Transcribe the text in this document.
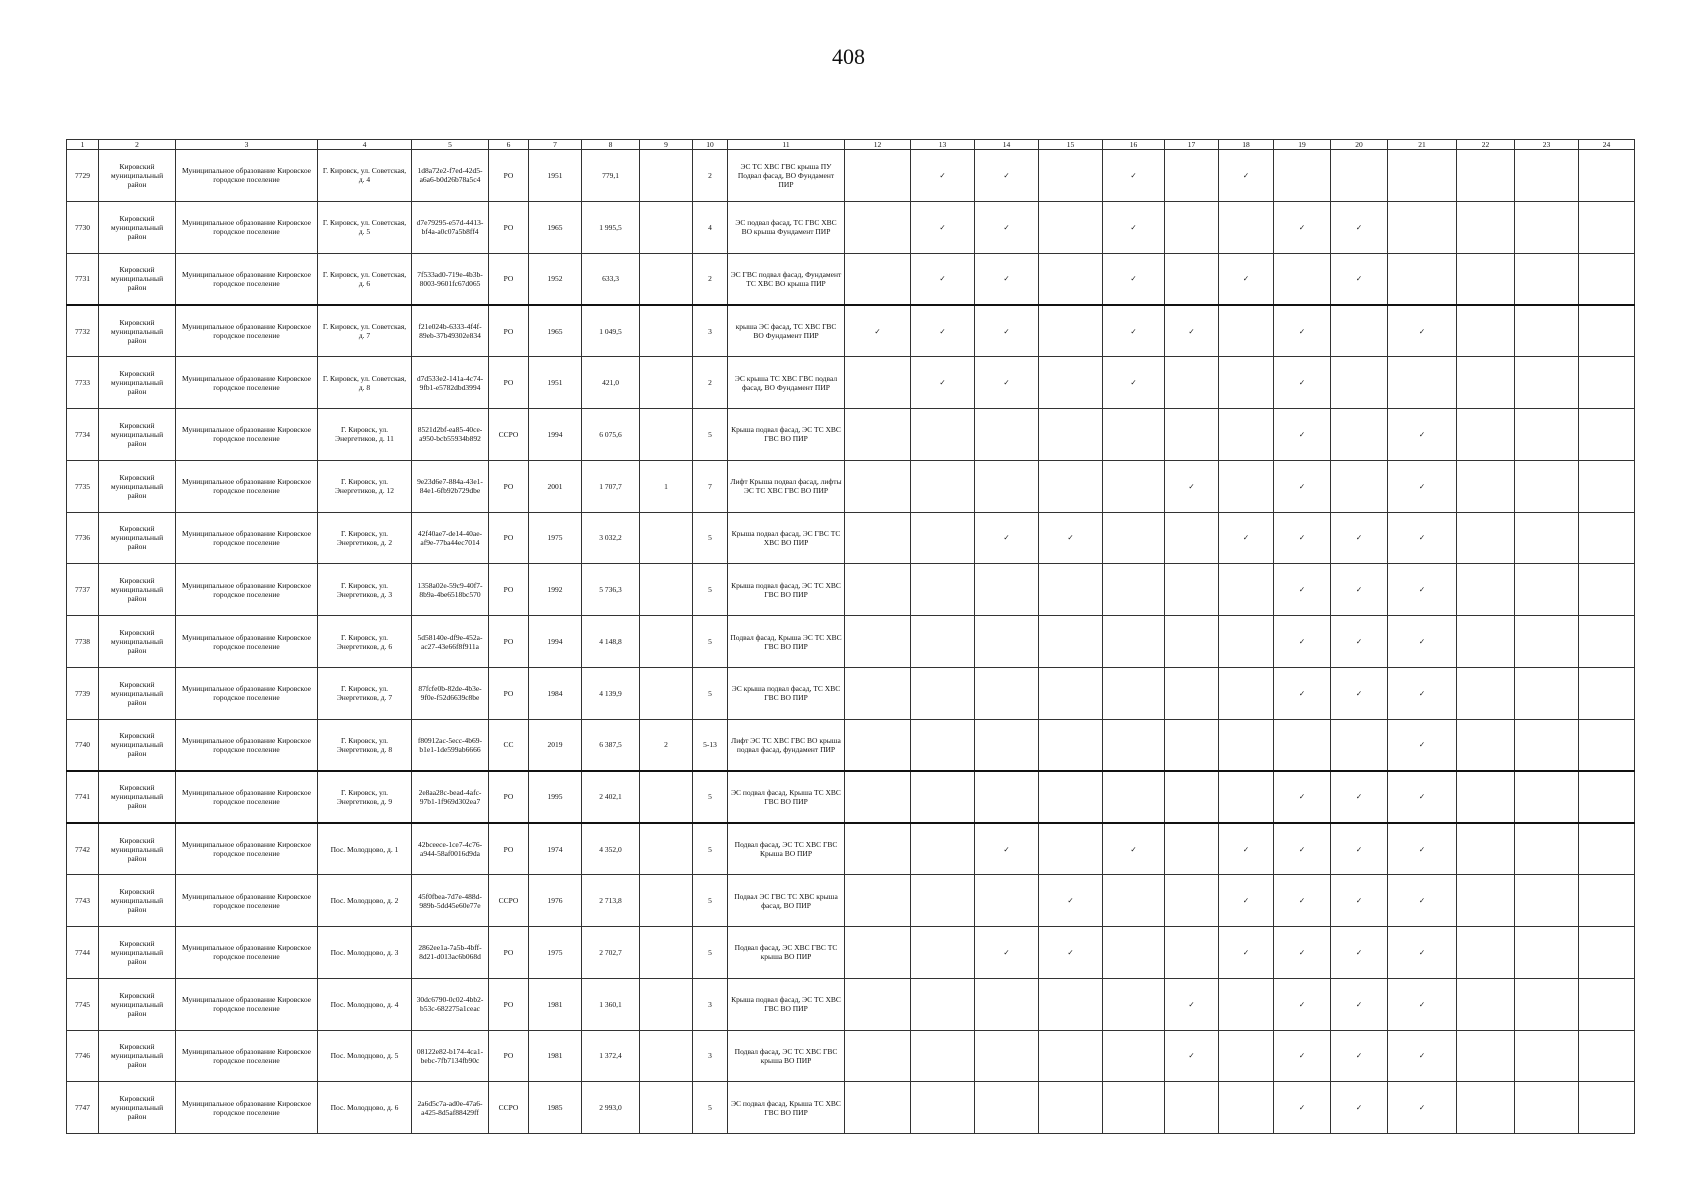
408
1	2	3	4	5	6	7	8	9	10	11	12	13	14	15	16	17	18	19	20	21	22	23	24
7729	Кировский муниципальный район	Муниципальное образование Кировское городское поселение	Г. Кировск, ул. Советская, д. 4	1d8a72e2-f7ed-42d5-a6a6-b0d26b78a5c4	РО	1951	779,1		2	ЭС ТС ХВС ГВС крыша ПУ Подвал фасад, ВО Фундамент ПИР		✓	✓		✓		✓						
7730	Кировский муниципальный район	Муниципальное образование Кировское городское поселение	Г. Кировск, ул. Советская, д. 5	d7e79295-e57d-4413-bf4a-a0c07a5b8ff4	РО	1965	1 995,5		4	ЭС подвал фасад, ТС ГВС ХВС ВО крыша Фундамент ПИР		✓	✓		✓			✓	✓				
7731	Кировский муниципальный район	Муниципальное образование Кировское городское поселение	Г. Кировск, ул. Советская, д. 6	7f533ad0-719e-4b3b-8003-9601fc67d065	РО	1952	633,3		2	ЭС ГВС подвал фасад, Фундамент ТС ХВС ВО крыша ПИР		✓	✓		✓		✓		✓				
7732	Кировский муниципальный район	Муниципальное образование Кировское городское поселение	Г. Кировск, ул. Советская, д. 7	f21e024b-6333-4f4f-89eb-37b49302e834	РО	1965	1 049,5		3	крыша ЭС фасад, ТС ХВС ГВС ВО Фундамент ПИР	✓	✓	✓		✓	✓		✓		✓			
7733	Кировский муниципальный район	Муниципальное образование Кировское городское поселение	Г. Кировск, ул. Советская, д. 8	d7d533e2-141a-4c74-9fb1-e5782dbd3994	РО	1951	421,0		2	ЭС крыша ТС ХВС ГВС подвал фасад, ВО Фундамент ПИР		✓	✓		✓			✓					
7734	Кировский муниципальный район	Муниципальное образование Кировское городское поселение	Г. Кировск, ул. Энергетиков, д. 11	8521d2bf-ea85-40ce-a950-bcb55934b892	ССРО	1994	6 075,6		5	Крыша подвал фасад, ЭС ТС ХВС ГВС ВО ПИР								✓		✓			
7735	Кировский муниципальный район	Муниципальное образование Кировское городское поселение	Г. Кировск, ул. Энергетиков, д. 12	9e23d6e7-884a-43e1-84e1-6fb92b729dbe	РО	2001	1 707,7	1	7	Лифт Крыша подвал фасад, лифты ЭС ТС ХВС ГВС ВО ПИР						✓		✓		✓			
7736	Кировский муниципальный район	Муниципальное образование Кировское городское поселение	Г. Кировск, ул. Энергетиков, д. 2	42f40ae7-de14-40ae-af9e-77ba44ec7014	РО	1975	3 032,2		5	Крыша подвал фасад, ЭС ГВС ТС ХВС ВО ПИР			✓	✓			✓	✓	✓	✓			
7737	Кировский муниципальный район	Муниципальное образование Кировское городское поселение	Г. Кировск, ул. Энергетиков, д. 3	1358a02e-59c9-40f7-8b9a-4be6518bc570	РО	1992	5 736,3		5	Крыша подвал фасад, ЭС ТС ХВС ГВС ВО ПИР								✓	✓	✓			
7738	Кировский муниципальный район	Муниципальное образование Кировское городское поселение	Г. Кировск, ул. Энергетиков, д. 6	5d58140e-df9e-452a-ac27-43e66f8f911a	РО	1994	4 148,8		5	Подвал фасад, Крыша ЭС ТС ХВС ГВС ВО ПИР								✓	✓	✓			
7739	Кировский муниципальный район	Муниципальное образование Кировское городское поселение	Г. Кировск, ул. Энергетиков, д. 7	87fcfe0b-82de-4b3e-9f0e-f52d6639c8be	РО	1984	4 139,9		5	ЭС крыша подвал фасад, ТС ХВС ГВС ВО ПИР								✓	✓	✓			
7740	Кировский муниципальный район	Муниципальное образование Кировское городское поселение	Г. Кировск, ул. Энергетиков, д. 8	f80912ac-5ecc-4b69-b1e1-1de599ab6666	СС	2019	6 387,5	2	5-13	Лифт ЭС ТС ХВС ГВС ВО крыша подвал фасад, фундамент ПИР										✓			
7741	Кировский муниципальный район	Муниципальное образование Кировское городское поселение	Г. Кировск, ул. Энергетиков, д. 9	2e8aa28c-bead-4afc-97b1-1f969d302ea7	РО	1995	2 402,1		5	ЭС подвал фасад, Крыша ТС ХВС ГВС ВО ПИР								✓	✓	✓			
7742	Кировский муниципальный район	Муниципальное образование Кировское городское поселение	Пос. Молодцово, д. 1	42bceece-1ce7-4c76-a944-58af0016d9da	РО	1974	4 352,0		5	Подвал фасад, ЭС ТС ХВС ГВС Крыша ВО ПИР			✓		✓		✓	✓	✓	✓			
7743	Кировский муниципальный район	Муниципальное образование Кировское городское поселение	Пос. Молодцово, д. 2	45f0fbea-7d7e-488d-989b-5dd45e60e77e	ССРО	1976	2 713,8		5	Подвал ЭС ГВС ТС ХВС крыша фасад, ВО ПИР				✓			✓	✓	✓	✓			
7744	Кировский муниципальный район	Муниципальное образование Кировское городское поселение	Пос. Молодцово, д. 3	2862ee1a-7a5b-4bff-8d21-d013ac6b068d	РО	1975	2 702,7		5	Подвал фасад, ЭС ХВС ГВС ТС крыша ВО ПИР			✓	✓			✓	✓	✓	✓			
7745	Кировский муниципальный район	Муниципальное образование Кировское городское поселение	Пос. Молодцово, д. 4	30dc6790-0c02-4bb2-b53c-682275a1ceac	РО	1981	1 360,1		3	Крыша подвал фасад, ЭС ТС ХВС ГВС ВО ПИР						✓		✓	✓	✓			
7746	Кировский муниципальный район	Муниципальное образование Кировское городское поселение	Пос. Молодцово, д. 5	08122e82-b174-4ca1-bebc-7fb7134fb90c	РО	1981	1 372,4		3	Подвал фасад, ЭС ТС ХВС ГВС крыша ВО ПИР						✓		✓	✓	✓			
7747	Кировский муниципальный район	Муниципальное образование Кировское городское поселение	Пос. Молодцово, д. 6	2a6d5c7a-ad0e-47a6-a425-8d5af88429ff	ССРО	1985	2 993,0		5	ЭС подвал фасад, Крыша ТС ХВС ГВС ВО ПИР								✓	✓	✓			
